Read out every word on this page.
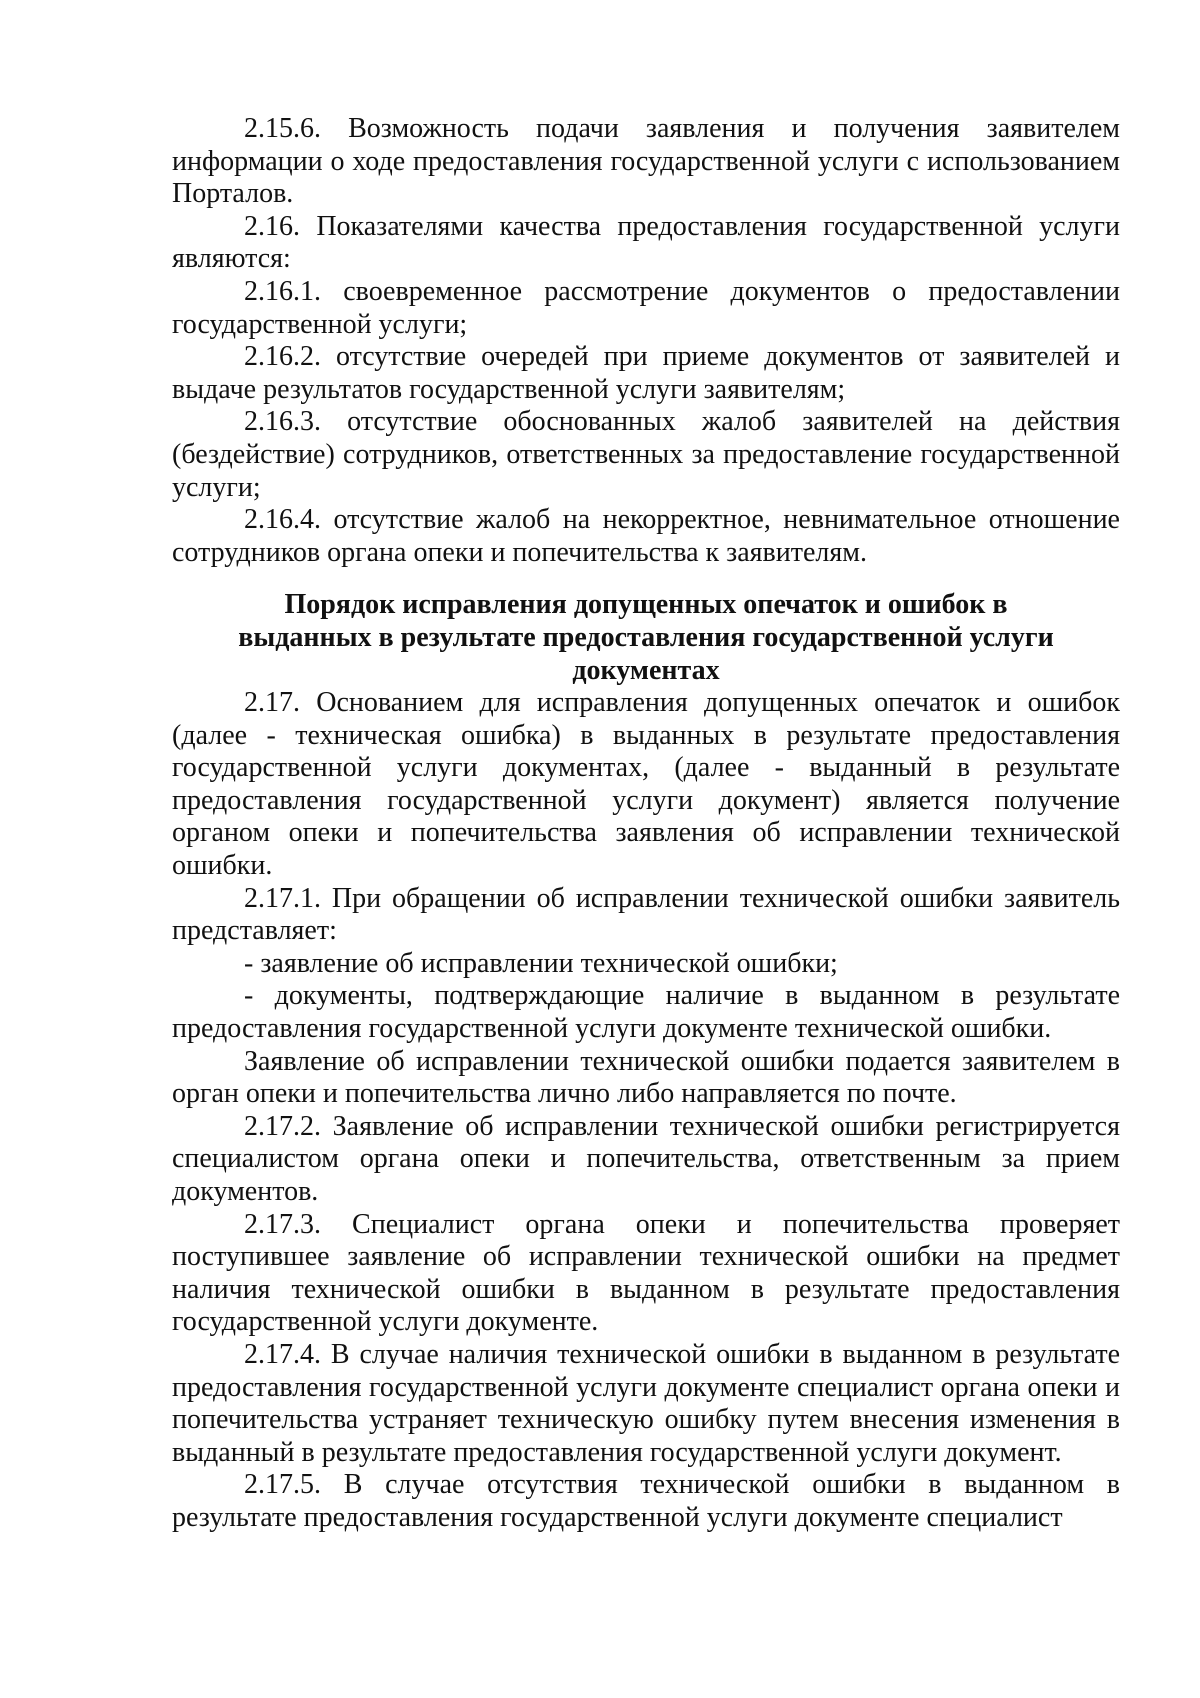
2.15.6. Возможность подачи заявления и получения заявителем информации о ходе предоставления государственной услуги с использованием Порталов.

2.16. Показателями качества предоставления государственной услуги являются:

2.16.1. своевременное рассмотрение документов о предоставлении государственной услуги;

2.16.2. отсутствие очередей при приеме документов от заявителей и выдаче результатов государственной услуги заявителям;

2.16.3. отсутствие обоснованных жалоб заявителей на действия (бездействие) сотрудников, ответственных за предоставление государственной услуги;

2.16.4. отсутствие жалоб на некорректное, невнимательное отношение сотрудников органа опеки и попечительства к заявителям.

Порядок исправления допущенных опечаток и ошибок в выданных в результате предоставления государственной услуги документах

2.17. Основанием для исправления допущенных опечаток и ошибок (далее - техническая ошибка) в выданных в результате предоставления государственной услуги документах, (далее - выданный в результате предоставления государственной услуги документ) является получение органом опеки и попечительства заявления об исправлении технической ошибки.

2.17.1. При обращении об исправлении технической ошибки заявитель представляет:

- заявление об исправлении технической ошибки;

- документы, подтверждающие наличие в выданном в результате предоставления государственной услуги документе технической ошибки.

Заявление об исправлении технической ошибки подается заявителем в орган опеки и попечительства лично либо направляется по почте.

2.17.2. Заявление об исправлении технической ошибки регистрируется специалистом органа опеки и попечительства, ответственным за прием документов.

2.17.3. Специалист органа опеки и попечительства проверяет поступившее заявление об исправлении технической ошибки на предмет наличия технической ошибки в выданном в результате предоставления государственной услуги документе.

2.17.4. В случае наличия технической ошибки в выданном в результате предоставления государственной услуги документе специалист органа опеки и попечительства устраняет техническую ошибку путем внесения изменения в выданный в результате предоставления государственной услуги документ.

2.17.5. В случае отсутствия технической ошибки в выданном в результате предоставления государственной услуги документе специалист
